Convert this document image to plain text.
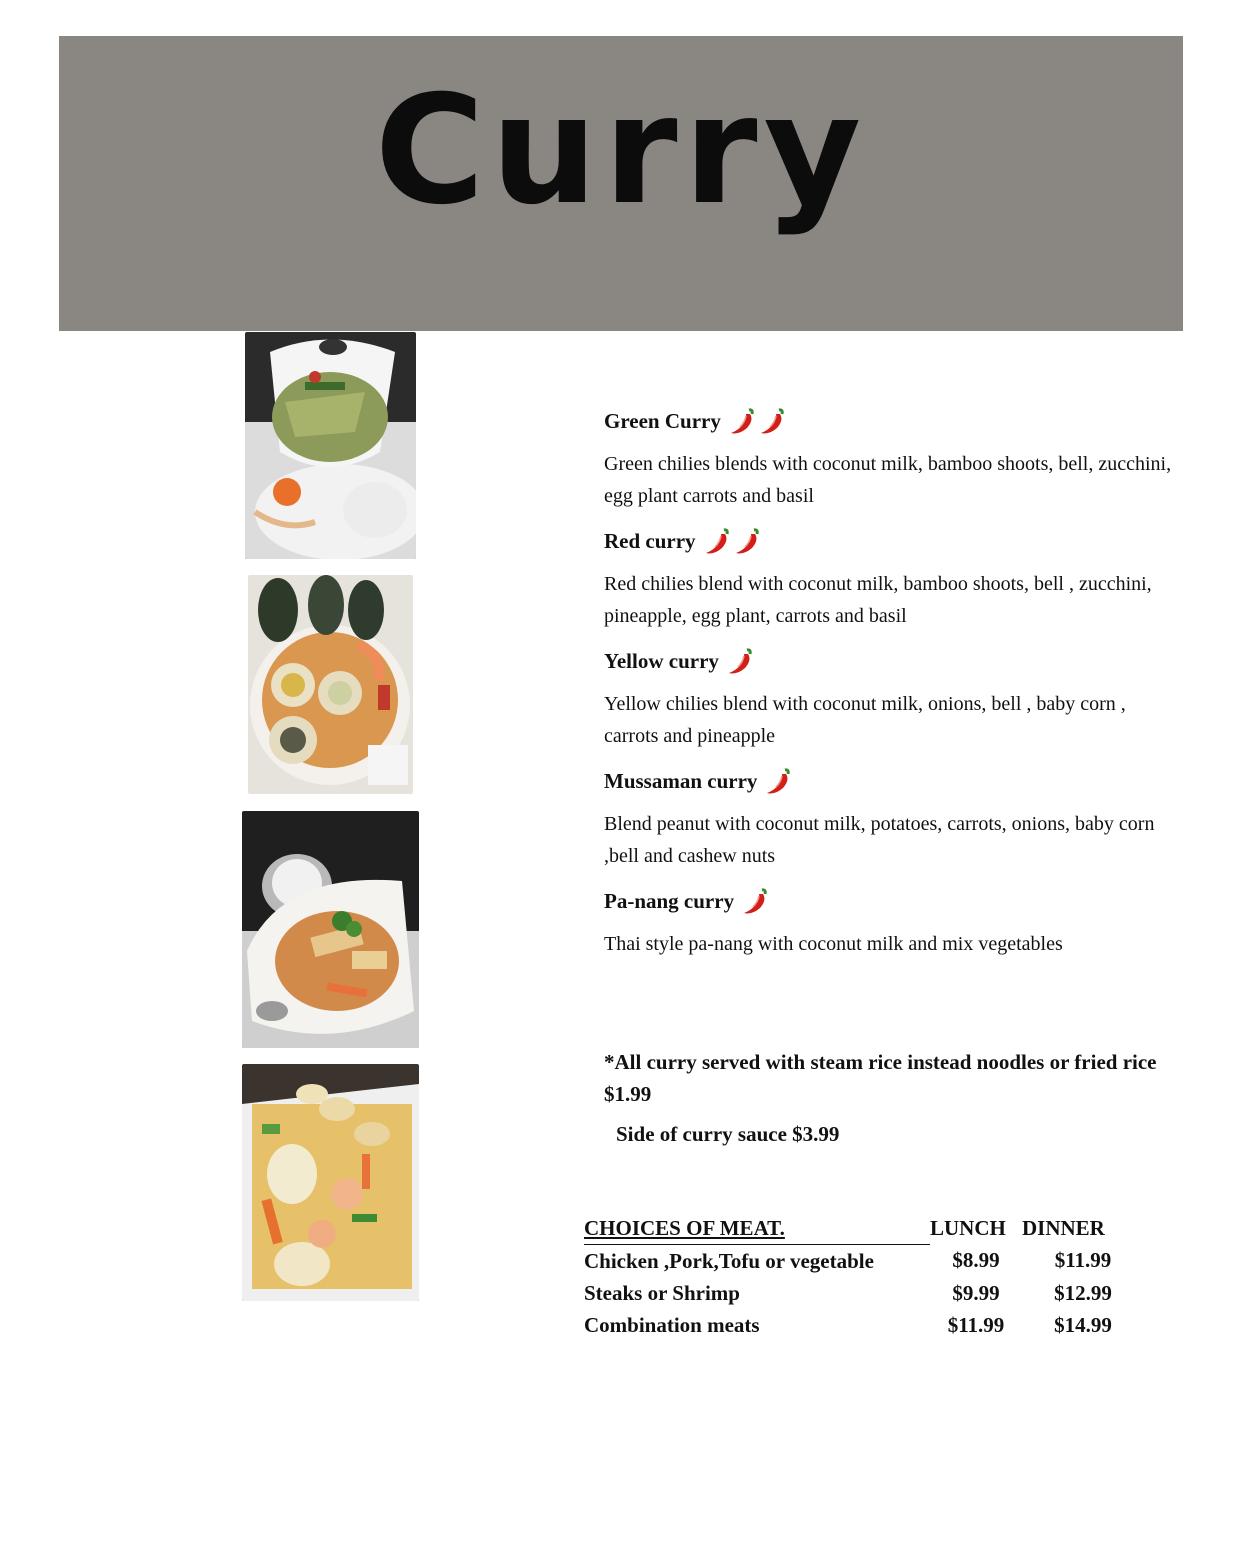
Curry
Green Curry
Green chilies blends with coconut milk, bamboo shoots, bell, zucchini, egg plant carrots and basil
Red curry
Red chilies blend with coconut milk, bamboo shoots, bell , zucchini, pineapple, egg plant, carrots and basil
Yellow curry
Yellow chilies blend with coconut milk, onions, bell , baby corn , carrots and pineapple
Mussaman curry
Blend peanut with coconut milk, potatoes, carrots, onions, baby corn ,bell and cashew nuts
Pa-nang curry
Thai style pa-nang with coconut milk and mix vegetables
*All curry served with steam rice instead noodles or fried rice $1.99
Side of curry sauce $3.99
CHOICES OF MEAT.	LUNCH	DINNER
Chicken ,Pork,Tofu or vegetable	$8.99	$11.99
Steaks or Shrimp	$9.99	$12.99
Combination meats	$11.99	$14.99
